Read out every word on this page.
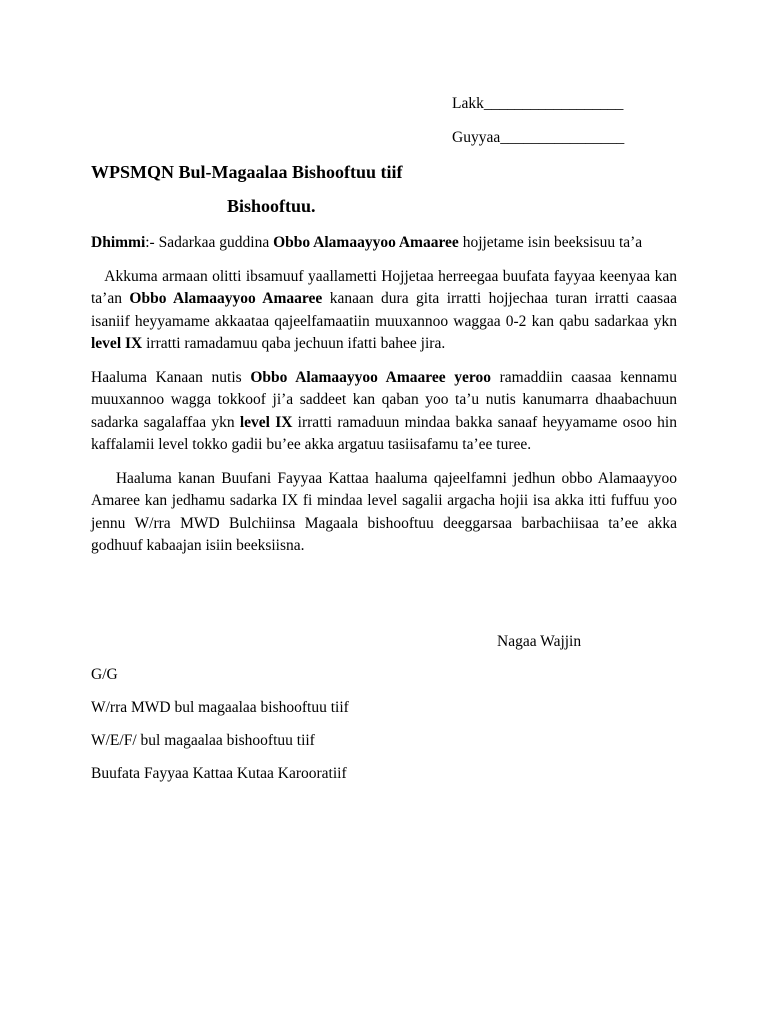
Lakk__________________
Guyyaa________________
WPSMQN Bul-Magaalaa Bishooftuu tiif
Bishooftuu.

Dhimmi:- Sadarkaa guddina Obbo Alamaayyoo Amaaree hojjetame isin beeksisuu ta’a

Akkuma armaan olitti ibsamuuf yaallametti Hojjetaa herreegaa buufata fayyaa keenyaa kan ta’an Obbo Alamaayyoo Amaaree kanaan dura gita irratti hojjechaa turan irratti caasaa isaniif heyyamame akkaataa qajeelfamaatiin muuxannoo waggaa 0-2 kan qabu sadarkaa ykn level IX irratti ramadamuu qaba jechuun ifatti bahee jira.

Haaluma Kanaan nutis Obbo Alamaayyoo Amaaree yeroo ramaddiin caasaa kennamu muuxannoo wagga tokkoof ji’a saddeet kan qaban yoo ta’u nutis kanumarra dhaabachuun sadarka sagalaffaa ykn level IX irratti ramaduun mindaa bakka sanaaf heyyamame osoo hin kaffalamii level tokko gadii bu’ee akka argatuu tasiisafamu ta’ee turee.

Haaluma kanan Buufani Fayyaa Kattaa haaluma qajeelfamni jedhun obbo Alamaayyoo Amaree kan jedhamu sadarka IX fi mindaa level sagalii argacha hojii isa akka itti fuffuu yoo jennu W/rra MWD Bulchiinsa Magaala bishooftuu deeggarsaa barbachiisaa ta’ee akka godhuuf kabaajan isiin beeksiisna.

Nagaa Wajjin
G/G
W/rra MWD bul magaalaa bishooftuu tiif
W/E/F/ bul magaalaa bishooftuu tiif
Buufata Fayyaa Kattaa Kutaa Karooratiif
